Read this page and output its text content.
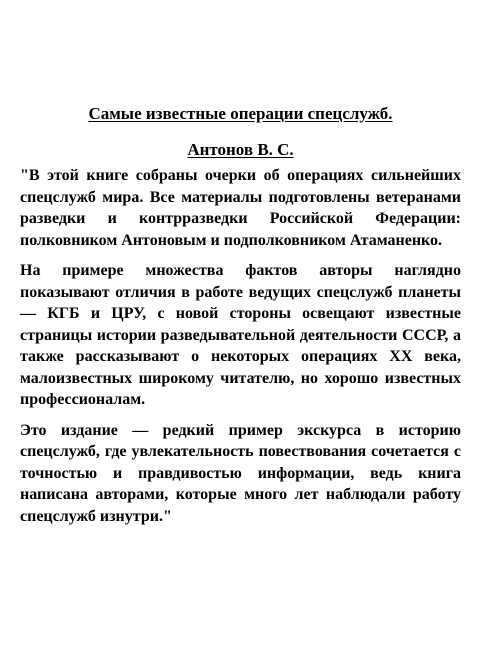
Самые известные операции спецслужб.

Антонов В. С.

"В этой книге собраны очерки об операциях сильнейших спецслужб мира. Все материалы подготовлены ветеранами разведки и контрразведки Российской Федерации: полковником Антоновым и подполковником Атаманенко.

На примере множества фактов авторы наглядно показывают отличия в работе ведущих спецслужб планеты — КГБ и ЦРУ, с новой стороны освещают известные страницы истории разведывательной деятельности СССР, а также рассказывают о некоторых операциях XX века, малоизвестных широкому читателю, но хорошо известных профессионалам.

Это издание — редкий пример экскурса в историю спецслужб, где увлекательность повествования сочетается с точностью и правдивостью информации, ведь книга написана авторами, которые много лет наблюдали работу спецслужб изнутри."
